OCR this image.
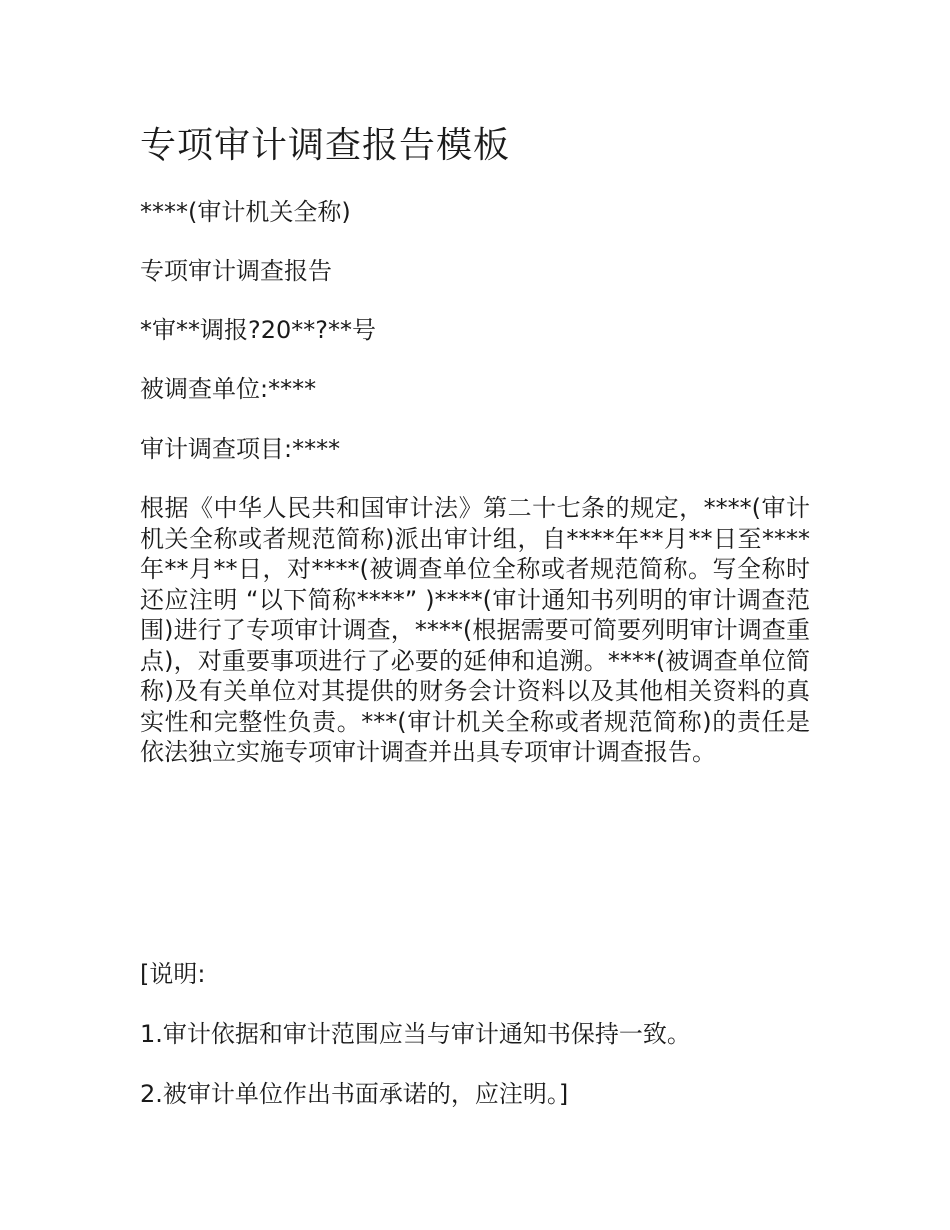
专项审计调查报告模板

****(审计机关全称)

专项审计调查报告

*审**调报?20**?**号

被调查单位:****

审计调查项目:****

根据《中华人民共和国审计法》第二十七条的规定，****(审计机关全称或者规范简称)派出审计组，自****年**月**日至****年**月**日，对****(被调查单位全称或者规范简称。写全称时还应注明 “以下简称****” )****(审计通知书列明的审计调查范围)进行了专项审计调查，****(根据需要可简要列明审计调查重点)，对重要事项进行了必要的延伸和追溯。****(被调查单位简称)及有关单位对其提供的财务会计资料以及其他相关资料的真实性和完整性负责。***(审计机关全称或者规范简称)的责任是依法独立实施专项审计调查并出具专项审计调查报告。

[说明:

1.审计依据和审计范围应当与审计通知书保持一致。

2.被审计单位作出书面承诺的，应注明。]
